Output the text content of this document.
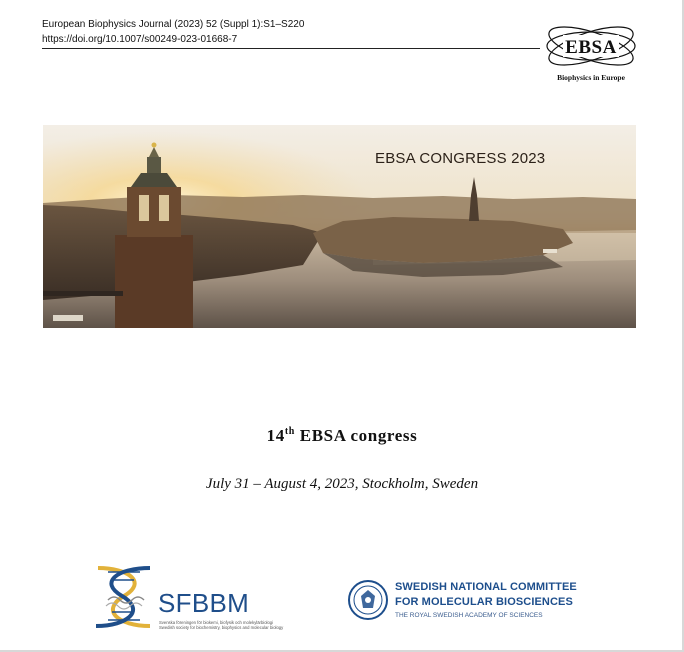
European Biophysics Journal (2023) 52 (Suppl 1):S1–S220
https://doi.org/10.1007/s00249-023-01668-7	EBSA
Biophysics in Europe
EBSA CONGRESS 2023
14th EBSA congress
July 31 – August 4, 2023, Stockholm, Sweden
SFBBM
Svenska föreningen för biokemi, biofysik och molekylärbiologi
Swedish society for biochemistry, biophysics and molecular biology
SWEDISH NATIONAL COMMITTEE
FOR MOLECULAR BIOSCIENCES
THE ROYAL SWEDISH ACADEMY OF SCIENCES
